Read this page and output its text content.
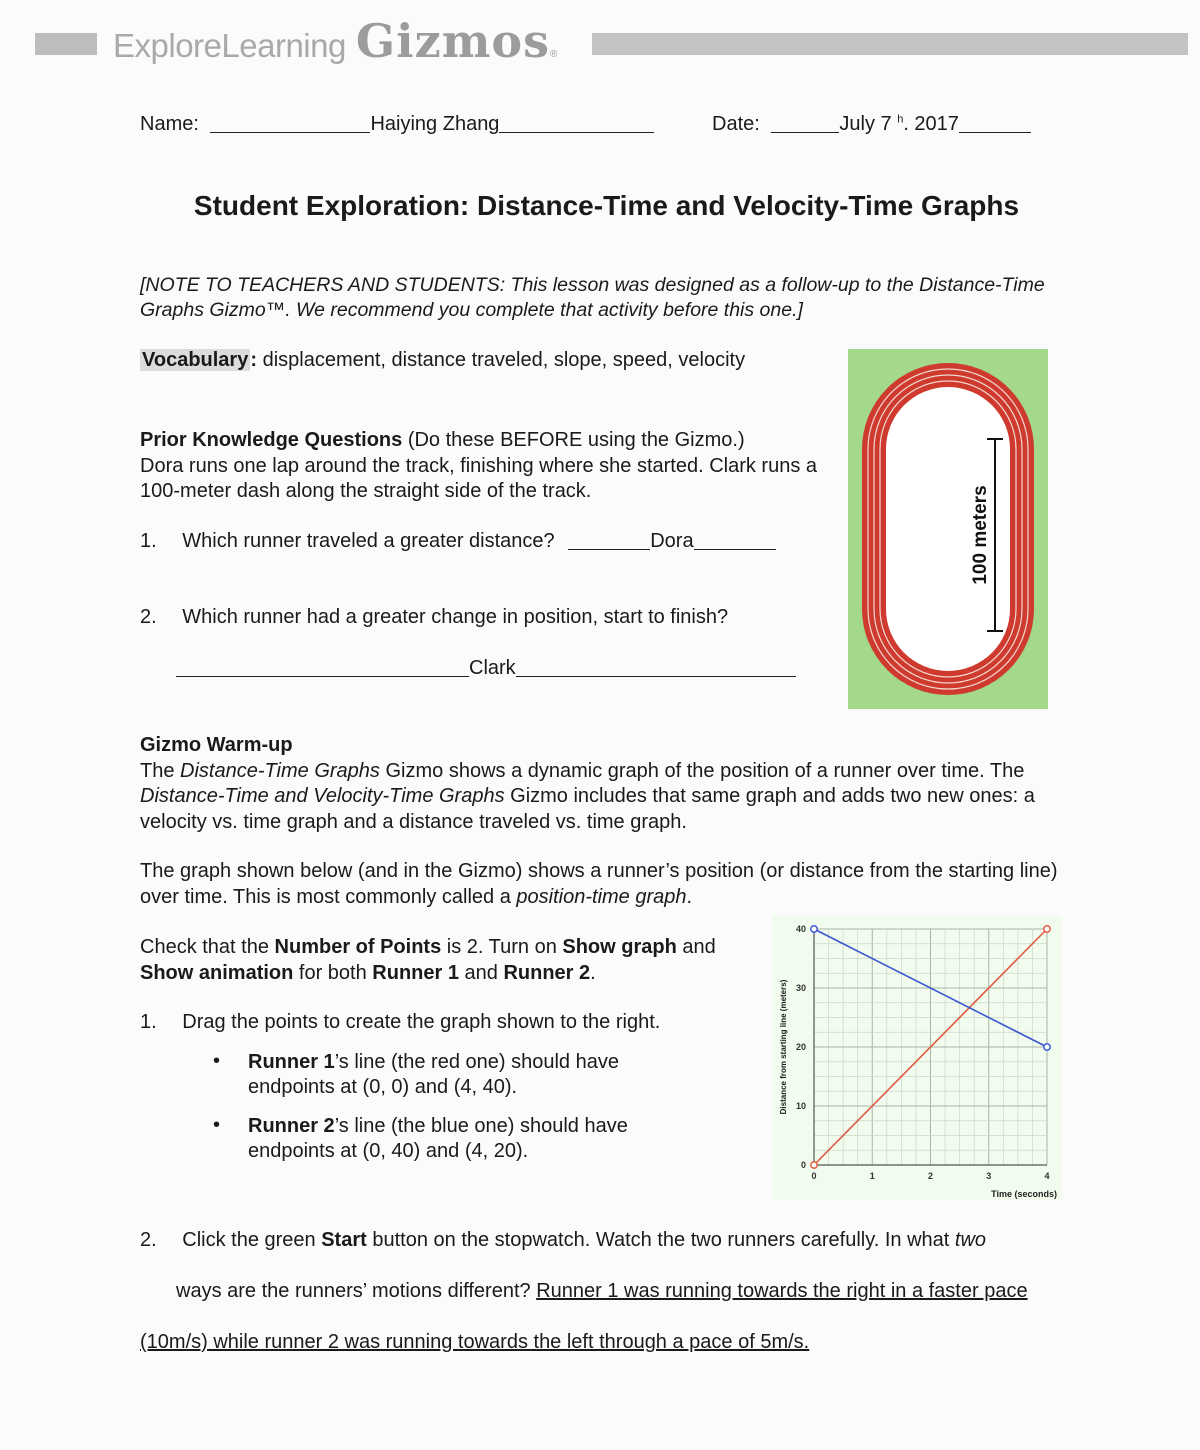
ExploreLearning Gizmos ®
Name:	Haiying Zhang	Date:	July 7 $^h$. 2017
Student Exploration: Distance-Time and Velocity-Time Graphs
[NOTE TO TEACHERS AND STUDENTS: This lesson was designed as a follow-up to the Distance-Time Graphs Gizmo™. We recommend you complete that activity before this one.]
Vocabulary : displacement, distance traveled, slope, speed, velocity
Prior Knowledge Questions (Do these BEFORE using the Gizmo.)
Dora runs one lap around the track, finishing where she started. Clark runs a 100-meter dash along the straight side of the track.
1. Which runner traveled a greater distance?	Dora
2. Which runner had a greater change in position, start to finish?
Clark
100 meters
Gizmo Warm-up
The Distance-Time Graphs Gizmo shows a dynamic graph of the position of a runner over time. The Distance-Time and Velocity-Time Graphs Gizmo includes that same graph and adds two new ones: a velocity vs. time graph and a distance traveled vs. time graph.
The graph shown below (and in the Gizmo) shows a runner’s position (or distance from the starting line) over time. This is most commonly called a position-time graph.
Check that the Number of Points is 2. Turn on Show graph and Show animation for both Runner 1 and Runner 2.
1. Drag the points to create the graph shown to the right.
• Runner 1’s line (the red one) should have endpoints at (0, 0) and (4, 40).
• Runner 2’s line (the blue one) should have endpoints at (0, 40) and (4, 20).
0	1	2	3	4
0
10
20
30
40
Time (seconds)
Distance from starting line (meters)
2. Click the green Start button on the stopwatch. Watch the two runners carefully. In what two
ways are the runners’ motions different? Runner 1 was running towards the right in a faster pace (10m/s) while runner 2 was running towards the left through a pace of 5m/s.
